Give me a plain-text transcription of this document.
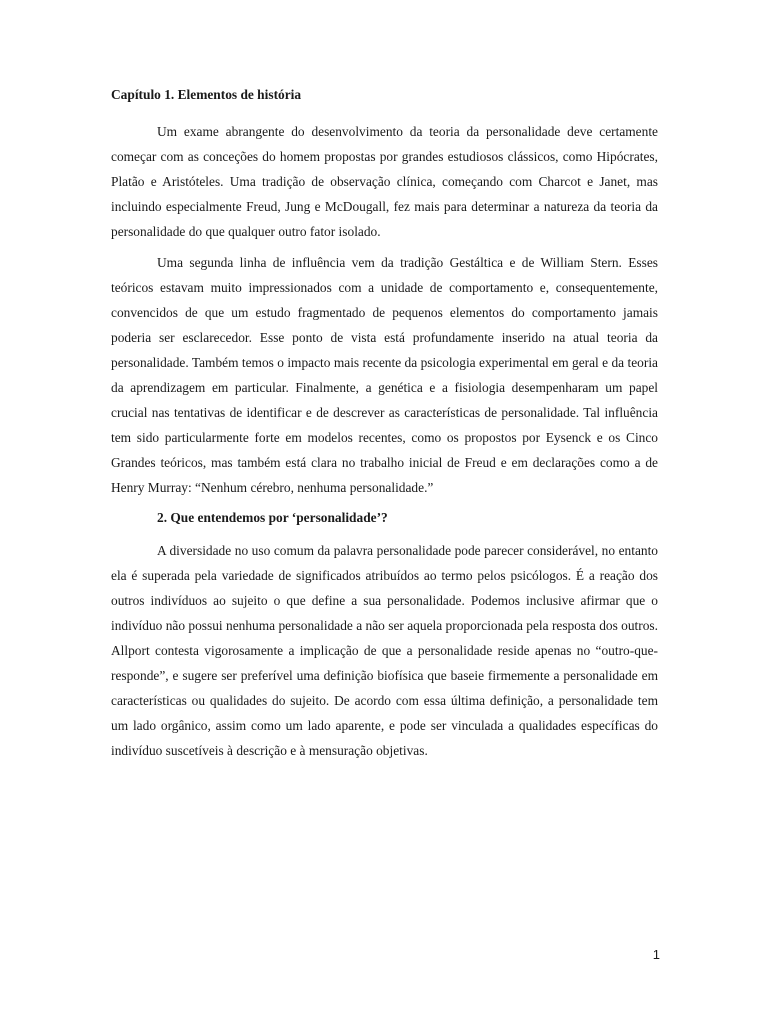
Capítulo 1. Elementos de história

Um exame abrangente do desenvolvimento da teoria da personalidade deve certamente começar com as conceções do homem propostas por grandes estudiosos clássicos, como Hipócrates, Platão e Aristóteles. Uma tradição de observação clínica, começando com Charcot e Janet, mas incluindo especialmente Freud, Jung e McDougall, fez mais para determinar a natureza da teoria da personalidade do que qualquer outro fator isolado.

Uma segunda linha de influência vem da tradição Gestáltica e de William Stern. Esses teóricos estavam muito impressionados com a unidade de comportamento e, consequentemente, convencidos de que um estudo fragmentado de pequenos elementos do comportamento jamais poderia ser esclarecedor. Esse ponto de vista está profundamente inserido na atual teoria da personalidade. Também temos o impacto mais recente da psicologia experimental em geral e da teoria da aprendizagem em particular. Finalmente, a genética e a fisiologia desempenharam um papel crucial nas tentativas de identificar e de descrever as características de personalidade. Tal influência tem sido particularmente forte em modelos recentes, como os propostos por Eysenck e os Cinco Grandes teóricos, mas também está clara no trabalho inicial de Freud e em declarações como a de Henry Murray: “Nenhum cérebro, nenhuma personalidade.”

2. Que entendemos por ‘personalidade’?

A diversidade no uso comum da palavra personalidade pode parecer considerável, no entanto ela é superada pela variedade de significados atribuídos ao termo pelos psicólogos. É a reação dos outros indivíduos ao sujeito o que define a sua personalidade. Podemos inclusive afirmar que o indivíduo não possui nenhuma personalidade a não ser aquela proporcionada pela resposta dos outros. Allport contesta vigorosamente a implicação de que a personalidade reside apenas no “outro-que-responde”, e sugere ser preferível uma definição biofísica que baseie firmemente a personalidade em características ou qualidades do sujeito. De acordo com essa última definição, a personalidade tem um lado orgânico, assim como um lado aparente, e pode ser vinculada a qualidades específicas do indivíduo suscetíveis à descrição e à mensuração objetivas.

1
